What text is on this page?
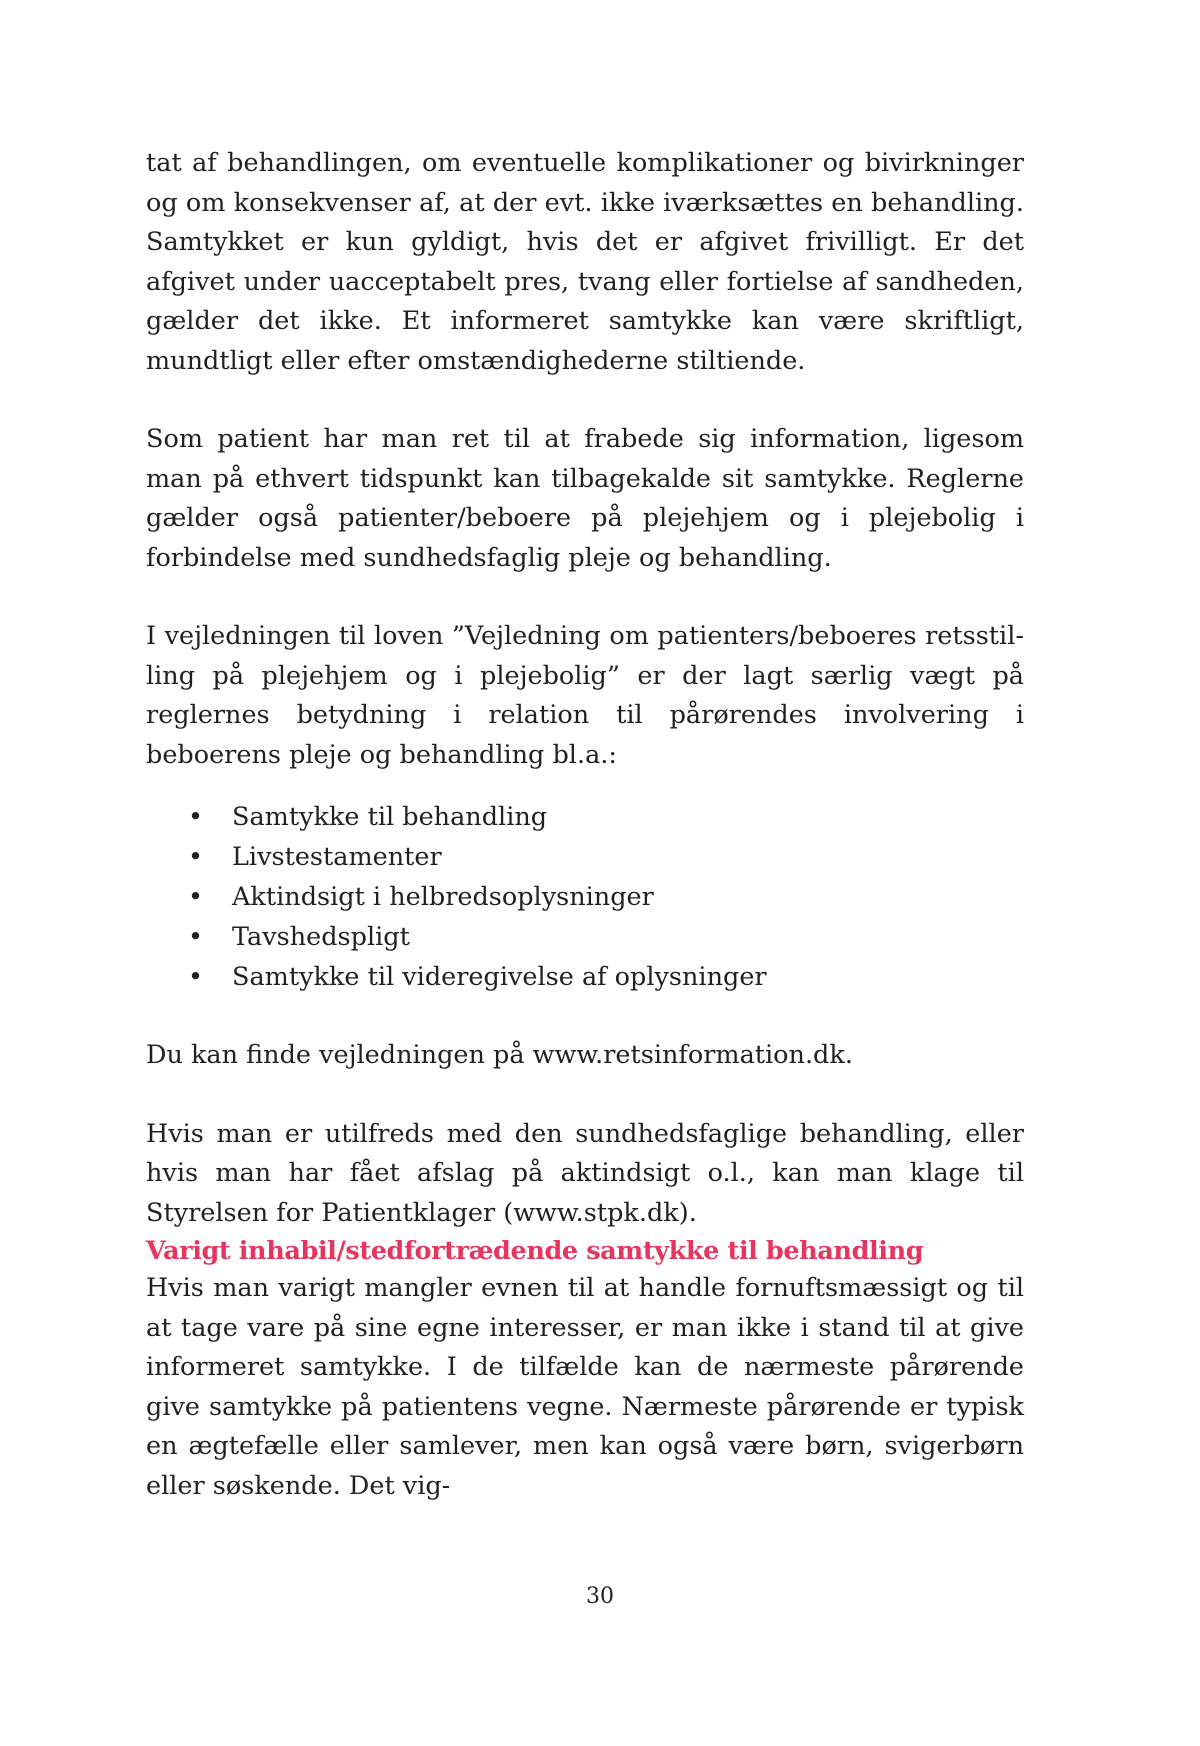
tat af behandlingen, om eventuelle komplikationer og bivirkninger og om konsekvenser af, at der evt. ikke iværksættes en behandling. Samtykket er kun gyldigt, hvis det er afgivet frivilligt. Er det afgivet under uacceptabelt pres, tvang eller fortielse af sandheden, gælder det ikke. Et informeret samtykke kan være skriftligt, mundtligt eller efter omstændighederne stiltiende.

Som patient har man ret til at frabede sig information, ligesom man på ethvert tidspunkt kan tilbagekalde sit samtykke. Reglerne gælder også patienter/beboere på plejehjem og i plejebolig i forbindelse med sundhedsfaglig pleje og behandling.

I vejledningen til loven ”Vejledning om patienters/beboeres retsstilling på plejehjem og i plejebolig” er der lagt særlig vægt på reglernes betydning i relation til pårørendes involvering i beboerens pleje og behandling bl.a.:

• Samtykke til behandling
• Livstestamenter
• Aktindsigt i helbredsoplysninger
• Tavshedspligt
• Samtykke til videregivelse af oplysninger

Du kan finde vejledningen på www.retsinformation.dk.

Hvis man er utilfreds med den sundhedsfaglige behandling, eller hvis man har fået afslag på aktindsigt o.l., kan man klage til Styrelsen for Patientklager (www.stpk.dk).

Varigt inhabil/stedfortrædende samtykke til behandling

Hvis man varigt mangler evnen til at handle fornuftsmæssigt og til at tage vare på sine egne interesser, er man ikke i stand til at give informeret samtykke. I de tilfælde kan de nærmeste pårørende give samtykke på patientens vegne. Nærmeste pårørende er typisk en ægtefælle eller samlever, men kan også være børn, svigerbørn eller søskende. Det vig-

30
